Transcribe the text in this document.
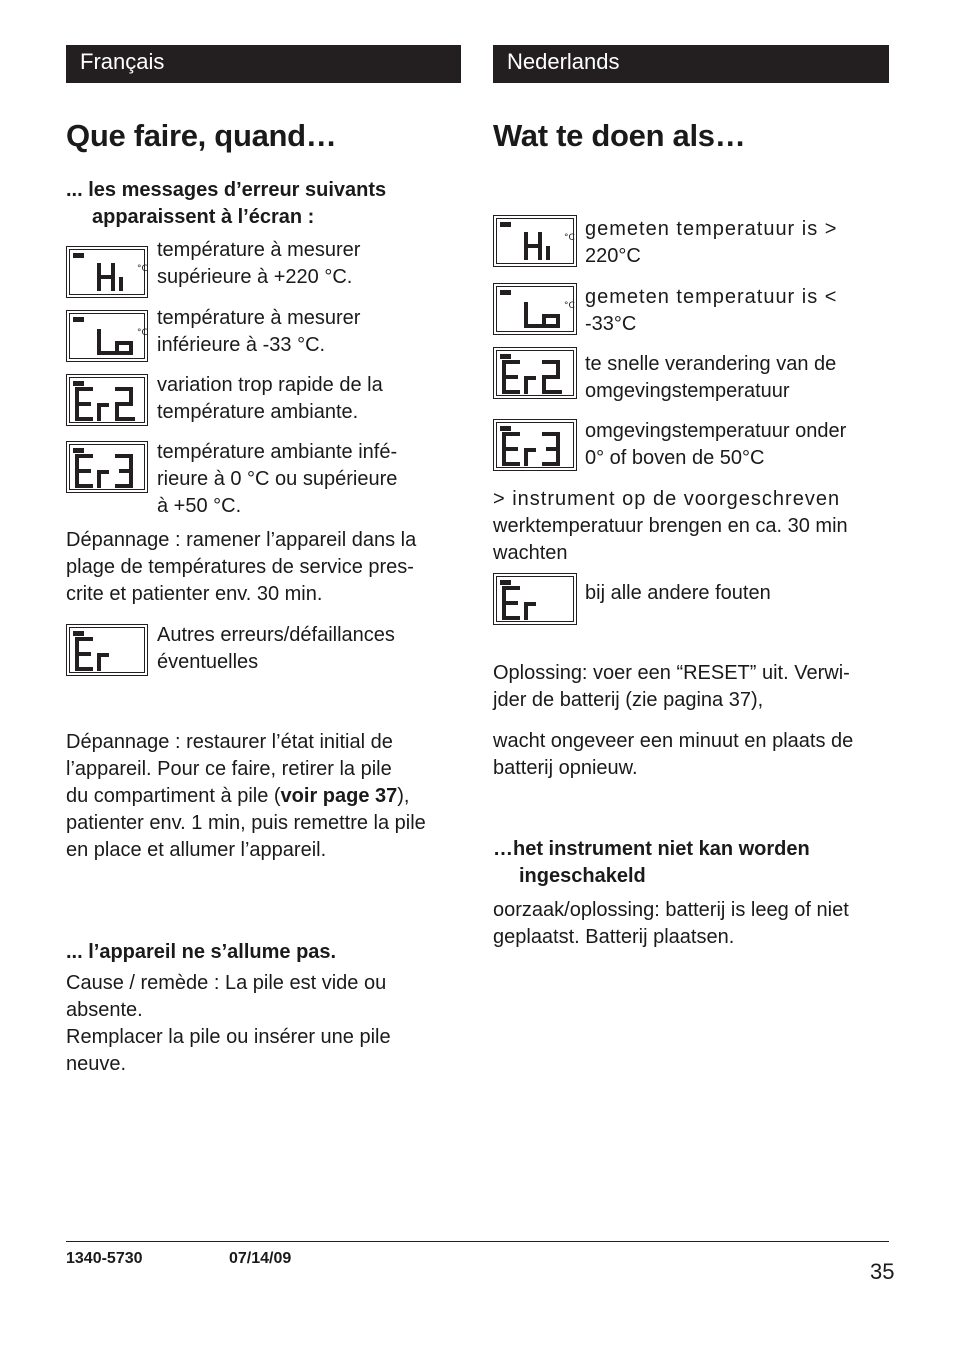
Français	Nederlands
Que faire, quand…	Wat te doen als…
... les messages d’erreur suivants
apparaissent à l’écran :
°C
température à mesurer
supérieure à +220 °C.
°C
température à mesurer
inférieure à -33 °C.
variation trop rapide de la
température ambiante.
température ambiante infé-
rieure à 0 °C ou supérieure
à +50 °C.
Dépannage : ramener l’appareil dans la
plage de températures de service pres-
crite et patienter env. 30 min.
Autres erreurs/défaillances
éventuelles
Dépannage : restaurer l’état initial de
l’appareil. Pour ce faire, retirer la pile
du compartiment à pile (voir page 37),
patienter env. 1 min, puis remettre la pile
en place et allumer l’appareil.
... l’appareil ne s’allume pas.
Cause / remède : La pile est vide ou
absente.
Remplacer la pile ou insérer une pile
neuve.
°C gemeten temperatuur is >
220°C
°C gemeten temperatuur is <
-33°C
te snelle verandering van de
omgevingstemperatuur
omgevingstemperatuur onder
0° of boven de 50°C
> instrument op de voorgeschreven
werktemperatuur brengen en ca. 30 min
wachten
bij alle andere fouten
Oplossing: voer een “RESET” uit. Verwi-
jder de batterij (zie pagina 37),
wacht ongeveer een minuut en plaats de
batterij opnieuw.
…het instrument niet kan worden
ingeschakeld
oorzaak/oplossing: batterij is leeg of niet
geplaatst. Batterij plaatsen.
1340-5730	07/14/09
35
